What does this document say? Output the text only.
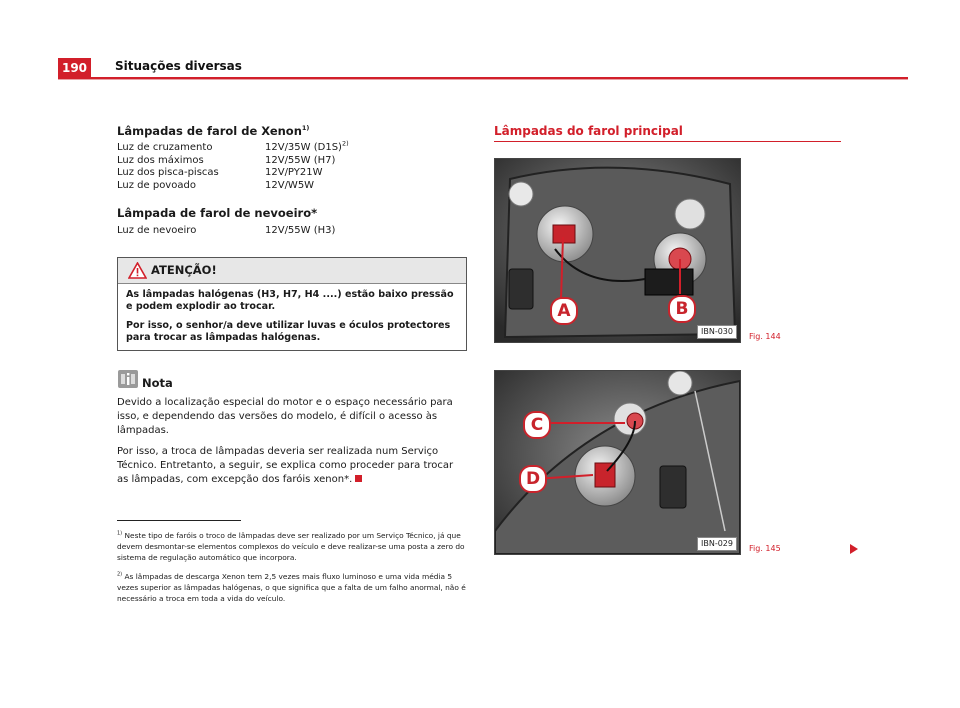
190	Situações diversas
Lâmpadas de farol de Xenon$^{1)}$
Luz de cruzamento	12V/35W $(D1S)^{2)}$
Luz dos máximos	12V/55W (H7)
Luz dos pisca-piscas	12V/PY21W
Luz de povoado	12V/W5W
Lâmpada de farol de nevoeiro*
Luz de nevoeiro	12V/55W (H3)
ATENÇÃO!

As lâmpadas halógenas (H3, H7, H4 ....) estão baixo pressão e podem explodir ao trocar.

Por isso, o senhor/a deve utilizar luvas e óculos protectores para trocar as lâmpadas halógenas.

Nota

Devido a localização especial do motor e o espaço necessário para isso, e dependendo das versões do modelo, é difícil o acesso às lâmpadas.

Por isso, a troca de lâmpadas deveria ser realizada num Serviço Técnico. Entretanto, a seguir, se explica como proceder para trocar as lâmpadas, com excepção dos faróis xenon*.

$^{1)}$ Neste tipo de faróis o troco de lâmpadas deve ser realizado por um Serviço Técnico, já que devem desmontar-se elementos complexos do veículo e deve realizar-se uma posta a zero do sistema de regulação automático que incorpora.
$^{2)}$ As lâmpadas de descarga Xenon tem 2,5 vezes mais fluxo luminoso e uma vida média 5 vezes superior as lâmpadas halógenas, o que significa que a falta de um falho anormal, não é necessário a troca em toda a vida do veículo.
Lâmpadas do farol principal
A	B
IBN-030
Fig. 144
C
D
IBN-029
Fig. 145
